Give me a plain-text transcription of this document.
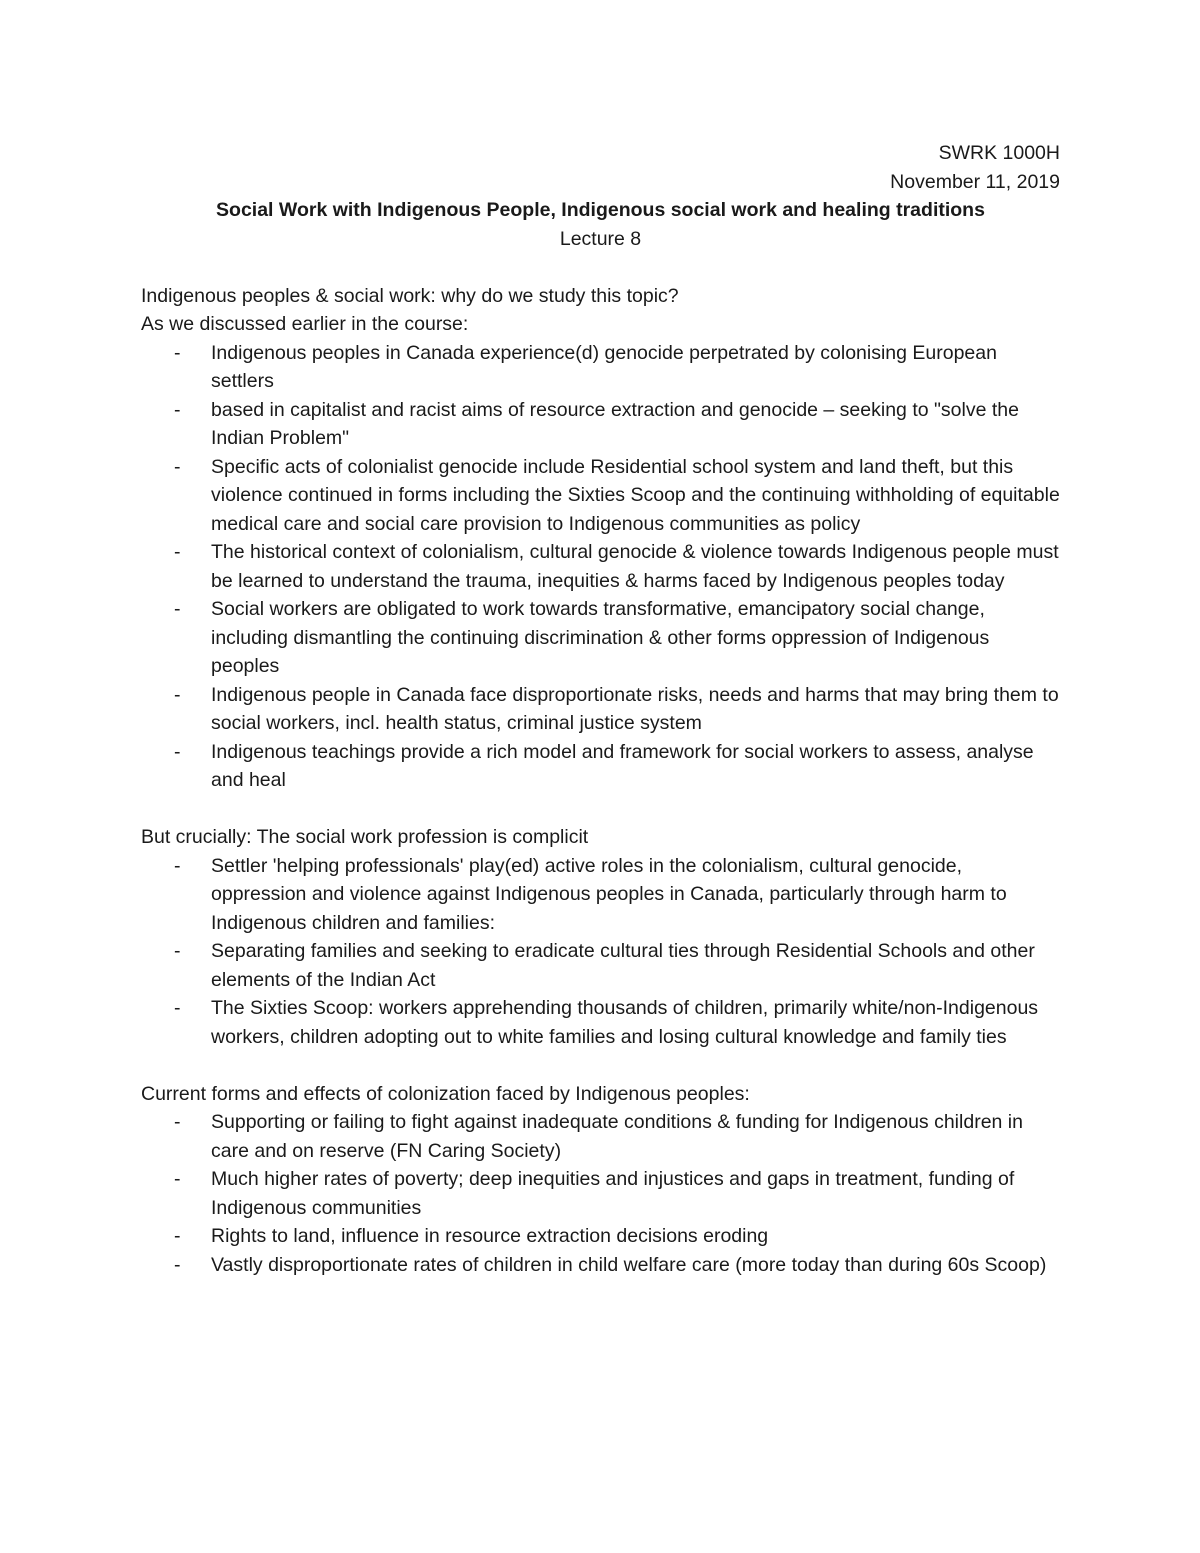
SWRK 1000H
November 11, 2019
Social Work with Indigenous People, Indigenous social work and healing traditions
Lecture 8
Indigenous peoples & social work: why do we study this topic?
As we discussed earlier in the course:
- Indigenous peoples in Canada experience(d) genocide perpetrated by colonising European settlers
- based in capitalist and racist aims of resource extraction and genocide – seeking to "solve the Indian Problem"
- Specific acts of colonialist genocide include Residential school system and land theft, but this violence continued in forms including the Sixties Scoop and the continuing withholding of equitable medical care and social care provision to Indigenous communities as policy
- The historical context of colonialism, cultural genocide & violence towards Indigenous people must be learned to understand the trauma, inequities & harms faced by Indigenous peoples today
- Social workers are obligated to work towards transformative, emancipatory social change, including dismantling the continuing discrimination & other forms oppression of Indigenous peoples
- Indigenous people in Canada face disproportionate risks, needs and harms that may bring them to social workers, incl. health status, criminal justice system
- Indigenous teachings provide a rich model and framework for social workers to assess, analyse and heal
But crucially: The social work profession is complicit
- Settler 'helping professionals' play(ed) active roles in the colonialism, cultural genocide, oppression and violence against Indigenous peoples in Canada, particularly through harm to Indigenous children and families:
- Separating families and seeking to eradicate cultural ties through Residential Schools and other elements of the Indian Act
- The Sixties Scoop: workers apprehending thousands of children, primarily white/non-Indigenous workers, children adopting out to white families and losing cultural knowledge and family ties
Current forms and effects of colonization faced by Indigenous peoples:
- Supporting or failing to fight against inadequate conditions & funding for Indigenous children in care and on reserve (FN Caring Society)
- Much higher rates of poverty; deep inequities and injustices and gaps in treatment, funding of Indigenous communities
- Rights to land, influence in resource extraction decisions eroding
- Vastly disproportionate rates of children in child welfare care (more today than during 60s Scoop)
